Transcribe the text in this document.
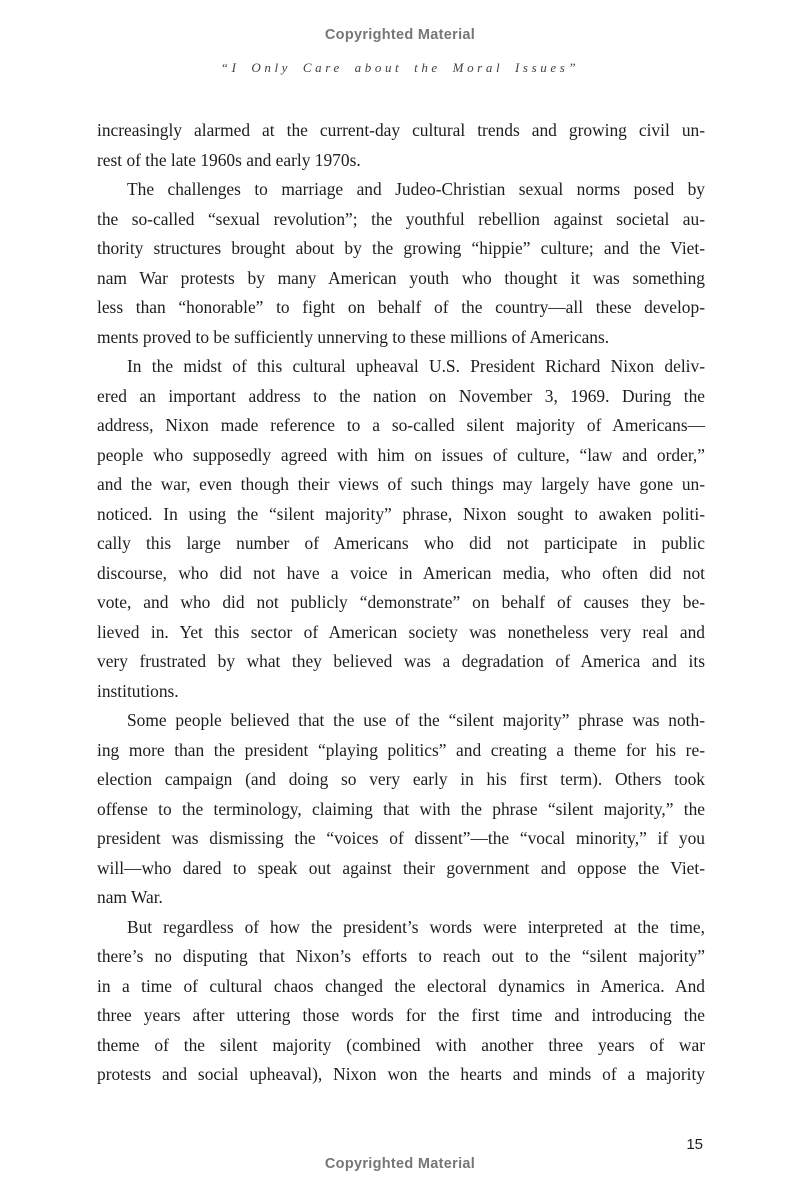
Copyrighted Material
“I Only Care about the Moral Issues”
increasingly alarmed at the current-day cultural trends and growing civil un-
rest of the late 1960s and early 1970s.
The challenges to marriage and Judeo-Christian sexual norms posed by
the so-called “sexual revolution”; the youthful rebellion against societal au-
thority structures brought about by the growing “hippie” culture; and the Viet-
nam War protests by many American youth who thought it was something
less than “honorable” to fight on behalf of the country—all these develop-
ments proved to be sufficiently unnerving to these millions of Americans.
In the midst of this cultural upheaval U.S. President Richard Nixon deliv-
ered an important address to the nation on November 3, 1969. During the
address, Nixon made reference to a so-called silent majority of Americans—
people who supposedly agreed with him on issues of culture, “law and order,”
and the war, even though their views of such things may largely have gone un-
noticed. In using the “silent majority” phrase, Nixon sought to awaken politi-
cally this large number of Americans who did not participate in public
discourse, who did not have a voice in American media, who often did not
vote, and who did not publicly “demonstrate” on behalf of causes they be-
lieved in. Yet this sector of American society was nonetheless very real and
very frustrated by what they believed was a degradation of America and its
institutions.
Some people believed that the use of the “silent majority” phrase was noth-
ing more than the president “playing politics” and creating a theme for his re-
election campaign (and doing so very early in his first term). Others took
offense to the terminology, claiming that with the phrase “silent majority,” the
president was dismissing the “voices of dissent”—the “vocal minority,” if you
will—who dared to speak out against their government and oppose the Viet-
nam War.
But regardless of how the president’s words were interpreted at the time,
there’s no disputing that Nixon’s efforts to reach out to the “silent majority”
in a time of cultural chaos changed the electoral dynamics in America. And
three years after uttering those words for the first time and introducing the
theme of the silent majority (combined with another three years of war
protests and social upheaval), Nixon won the hearts and minds of a majority
15
Copyrighted Material
